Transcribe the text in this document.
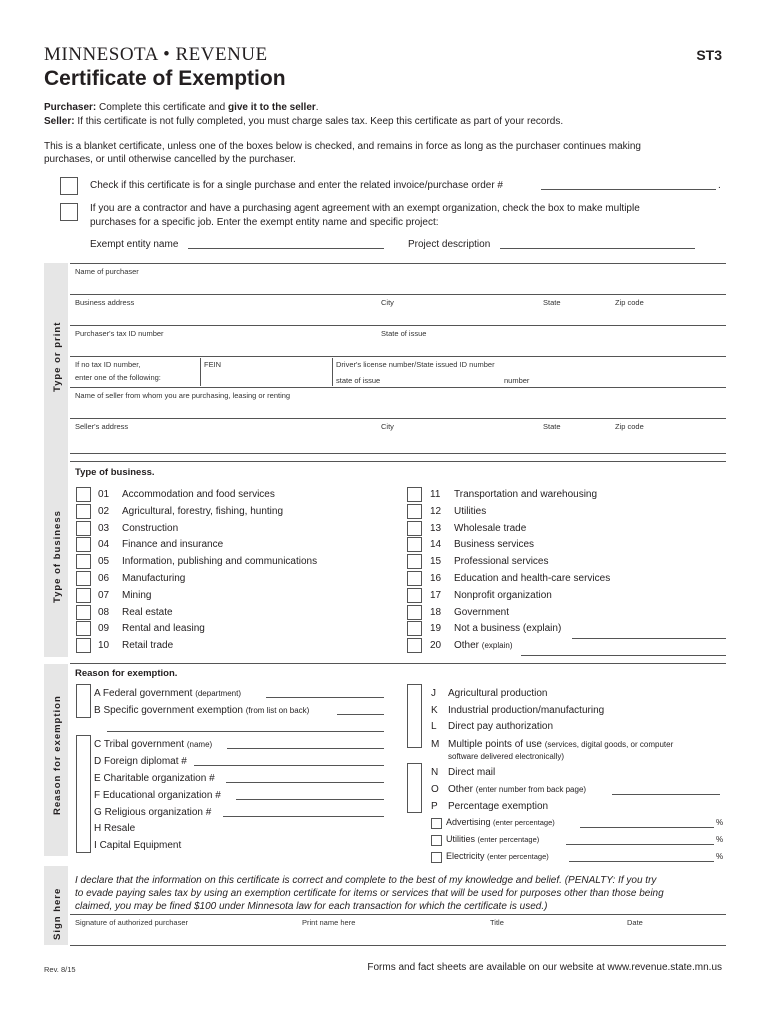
MINNESOTA • REVENUE	ST3
Certificate of Exemption
Purchaser: Complete this certificate and give it to the seller.
Seller: If this certificate is not fully completed, you must charge sales tax. Keep this certificate as part of your records.
This is a blanket certificate, unless one of the boxes below is checked, and remains in force as long as the purchaser continues making
purchases, or until otherwise cancelled by the purchaser.
Check if this certificate is for a single purchase and enter the related invoice/purchase order #	.
If you are a contractor and have a purchasing agent agreement with an exempt organization, check the box to make multiple
purchases for a specific job. Enter the exempt entity name and specific project:
Exempt entity name	Project description
Type or print
Name of purchaser
Business address	City	State	Zip code
Purchaser's tax ID number	State of issue
If no tax ID number,
enter one of the following:
FEIN	Driver's license number/State issued ID number
state of issue	number
Name of seller from whom you are purchasing, leasing or renting
Seller's address	City	State	Zip code
Type of business
Type of business.
01 Accommodation and food services
02 Agricultural, forestry, fishing, hunting
03 Construction
04 Finance and insurance
05 Information, publishing and communications
06 Manufacturing
07 Mining
08 Real estate
09 Rental and leasing
10 Retail trade
11 Transportation and warehousing
12 Utilities
13 Wholesale trade
14 Business services
15 Professional services
16 Education and health-care services
17 Nonprofit organization
18 Government
19 Not a business (explain)
20 Other (explain)
Reason for exemption
Reason for exemption.
A Federal government (department)
B Specific government exemption (from list on back)
C Tribal government (name)
D Foreign diplomat #
E Charitable organization #
F Educational organization #
G Religious organization #
H Resale
I Capital Equipment
J Agricultural production
K Industrial production/manufacturing
L Direct pay authorization
M Multiple points of use (services, digital goods, or computer
software delivered electronically)
N Direct mail
O Other (enter number from back page)
P Percentage exemption
Advertising (enter percentage)	%
Utilities (enter percentage)	%
Electricity (enter percentage)	%
Sign here
I declare that the information on this certificate is correct and complete to the best of my knowledge and belief. (PENALTY: If you try
to evade paying sales tax by using an exemption certificate for items or services that will be used for purposes other than those being
claimed, you may be fined $100 under Minnesota law for each transaction for which the certificate is used.)
Signature of authorized purchaser	Print name here	Title	Date
Rev. 8/15	Forms and fact sheets are available on our website at www.revenue.state.mn.us
